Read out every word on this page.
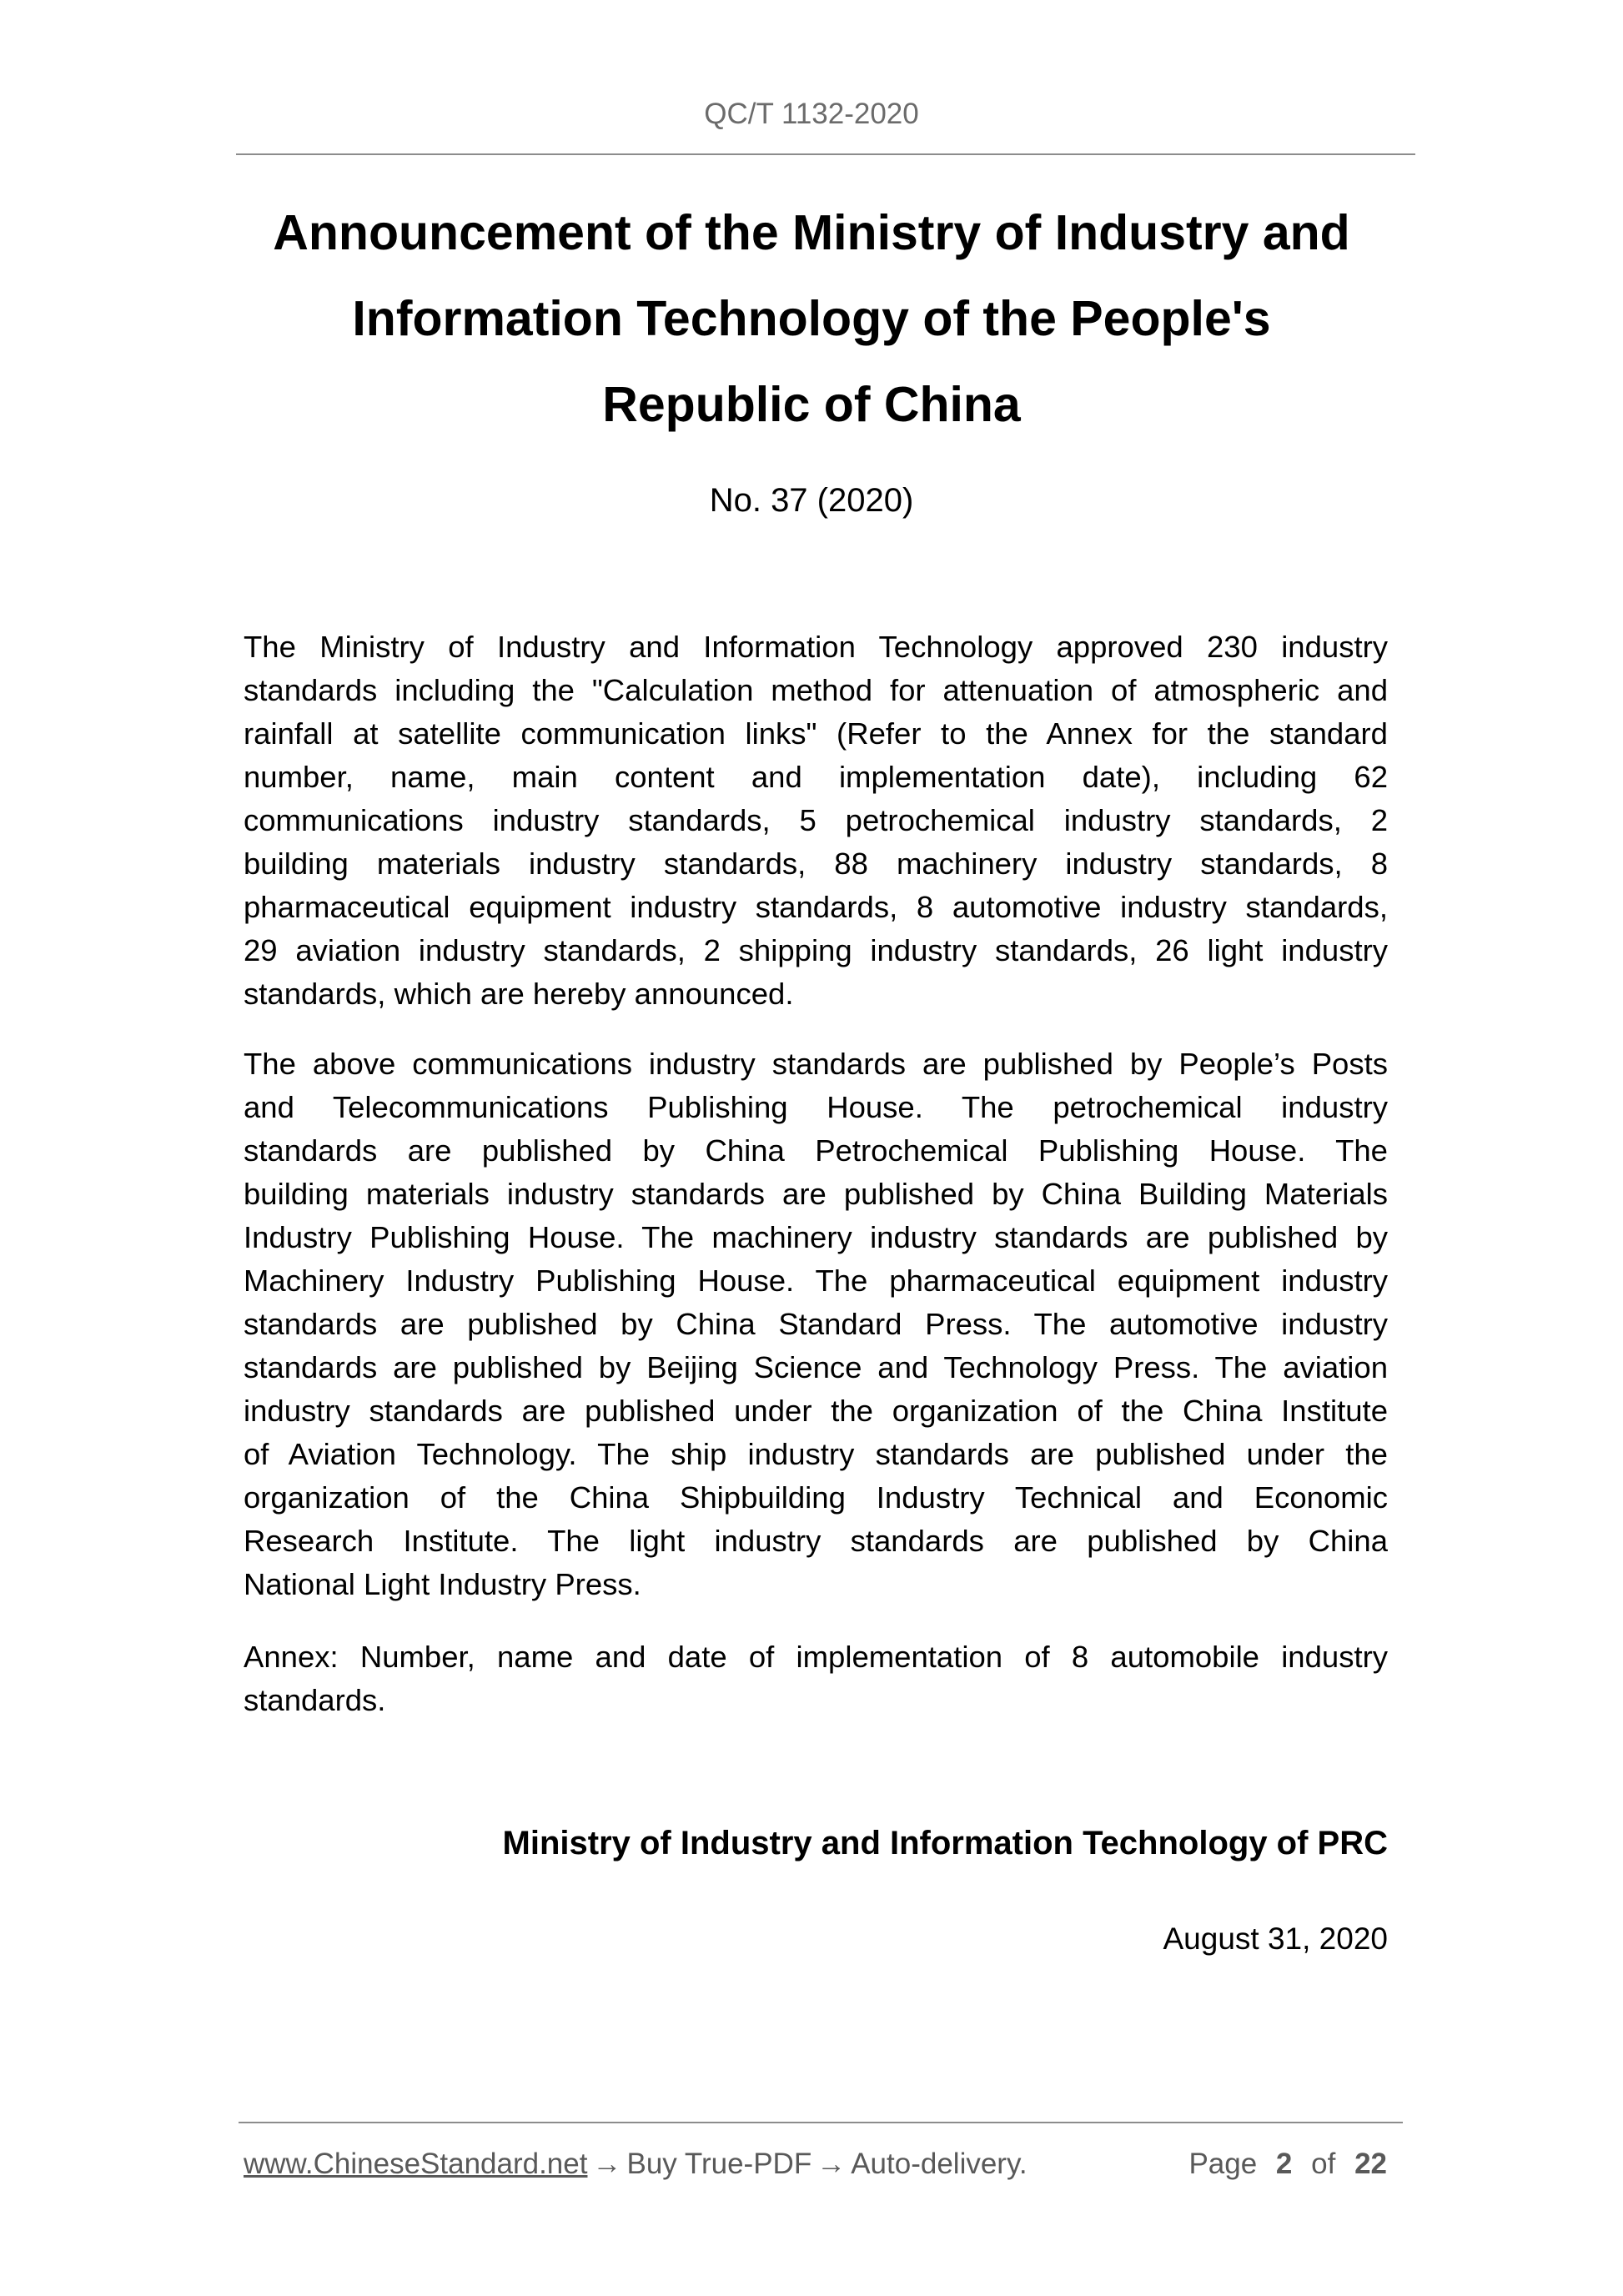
QC/T 1132-2020
Announcement of the Ministry of Industry and
Information Technology of the People's
Republic of China
No. 37 (2020)
The Ministry of Industry and Information Technology approved 230 industry
standards including the "Calculation method for attenuation of atmospheric and
rainfall at satellite communication links" (Refer to the Annex for the standard
number, name, main content and implementation date), including 62
communications industry standards, 5 petrochemical industry standards, 2
building materials industry standards, 88 machinery industry standards, 8
pharmaceutical equipment industry standards, 8 automotive industry standards,
29 aviation industry standards, 2 shipping industry standards, 26 light industry
standards, which are hereby announced.
The above communications industry standards are published by People’s Posts
and Telecommunications Publishing House. The petrochemical industry
standards are published by China Petrochemical Publishing House. The
building materials industry standards are published by China Building Materials
Industry Publishing House. The machinery industry standards are published by
Machinery Industry Publishing House. The pharmaceutical equipment industry
standards are published by China Standard Press. The automotive industry
standards are published by Beijing Science and Technology Press. The aviation
industry standards are published under the organization of the China Institute
of Aviation Technology. The ship industry standards are published under the
organization of the China Shipbuilding Industry Technical and Economic
Research Institute. The light industry standards are published by China
National Light Industry Press.
Annex: Number, name and date of implementation of 8 automobile industry
standards.
Ministry of Industry and Information Technology of PRC
August 31, 2020
www.ChineseStandard.net → Buy True-PDF → Auto-delivery.	Page 2 of 22
